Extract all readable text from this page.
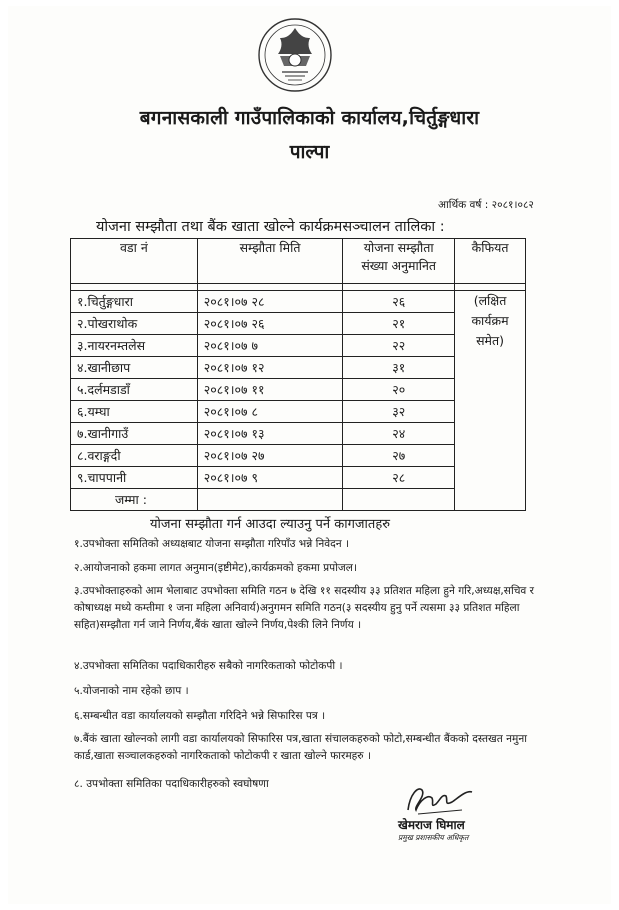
बगनासकाली गाउँपालिकाको कार्यालय,चिर्तुङ्गधारा
पाल्पा
आर्थिक वर्ष : २०८१।०८२
योजना सम्झौता तथा बैंक खाता खोल्ने कार्यक्रमसञ्चालन तालिका :
वडा नं	सम्झौता मिति	योजना सम्झौता संख्या अनुमानित	कैफियत

१.चिर्तुङ्गधारा	२०८१।०७ २८	२६	(लक्षित कार्यक्रम समेत)
२.पोखराथोक	२०८१।०७ २६	२१	
३.नायरनम्तलेस	२०८१।०७ ७	२२	
४.खानीछाप	२०८१।०७ १२	३१	
५.दर्लमडाडाँ	२०८१।०७ ११	२०	
६.यम्घा	२०८१।०७ ८	३२	
७.खानीगाउँ	२०८१।०७ १३	२४	
८.वराङ्गदी	२०८१।०७ २७	२७	
९.चापपानी	२०८१।०७ ९	२८	
जम्मा :			
योजना सम्झौता गर्न आउदा ल्याउनु पर्ने कागजातहरु
१.उपभोक्ता समितिको अध्यक्षबाट योजना सम्झौता गरिपाँउ भन्ने निवेदन ।
२.आयोजनाको हकमा लागत अनुमान(इष्टीमेट),कार्यक्रमको हकमा प्रपोजल।
३.उपभोक्ताहरुको आम भेलाबाट उपभोक्ता समिति गठन ७ देखि ११ सदस्यीय ३३ प्रतिशत महिला हुने गरि,अध्यक्ष,सचिव र कोषाध्यक्ष मध्ये कम्तीमा १ जना महिला अनिवार्य)अनुगमन समिति गठन(३ सदस्यीय हुनु पर्ने त्यसमा ३३ प्रतिशत महिला सहित)सम्झौता गर्न जाने निर्णय,बैंकं खाता खोल्ने निर्णय,पेश्की लिने निर्णय ।
४.उपभोक्ता समितिका पदाधिकारीहरु सबैको नागरिकताको फोटोकपी ।
५.योजनाको नाम रहेको छाप ।
६.सम्बन्धीत वडा कार्यालयको सम्झौता गरिदिने भन्ने सिफारिस पत्र ।
७.बैंकं खाता खोल्नको लागी वडा कार्यालयको सिफारिस पत्र,खाता संचालकहरुको फोटो,सम्बन्धीत बैंकको दस्तखत नमुना कार्ड,खाता सञ्चालकहरुको नागरिकताको फोटोकपी र खाता खोल्ने फारमहरु ।
८. उपभोक्ता समितिका पदाधिकारीहरुको स्वघोषणा
खेमराज घिमाल
प्रमुख प्रशासकीय अधिकृत
